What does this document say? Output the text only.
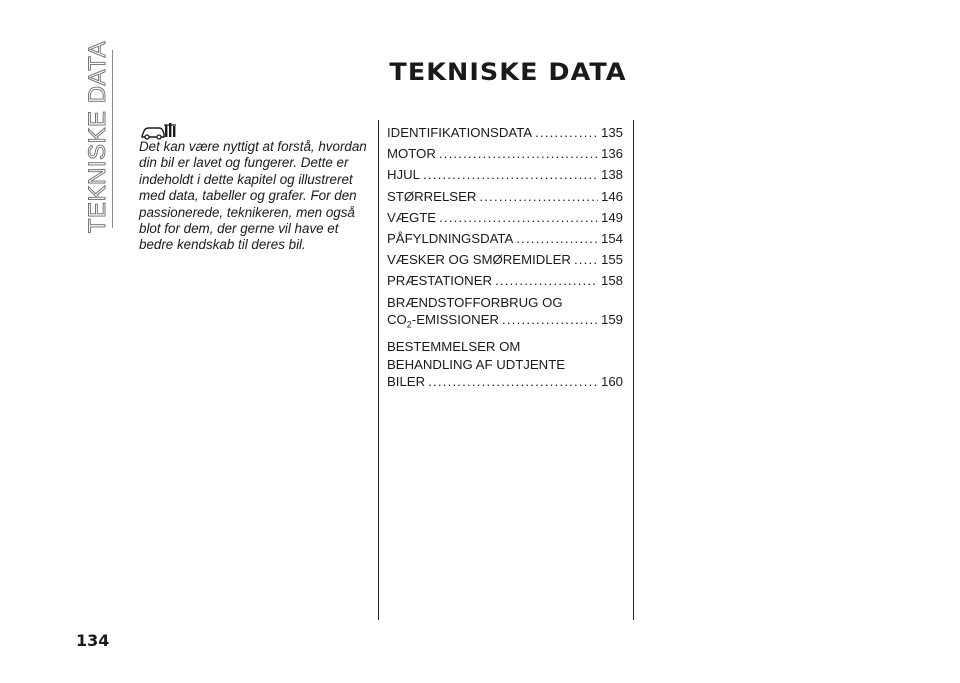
TEKNISKE DATA	TEKNISKE DATA
Det kan være nyttigt at forstå, hvordan din bil er lavet og fungerer. Dette er indeholdt i dette kapitel og illustreret med data, tabeller og grafer. For den passionerede, teknikeren, men også blot for dem, der gerne vil have et bedre kendskab til deres bil.
IDENTIFIKATIONSDATA .....	135
MOTOR .....	136
HJUL .....	138
STØRRELSER .....	146
VÆGTE .....	149
PÅFYLDNINGSDATA .....	154
VÆSKER OG SMØREMIDLER ..... 155
PRÆSTATIONER .....	158
BRÆNDSTOFFORBRUG OG
$CO_2$-EMISSIONER .....	159
BESTEMMELSER OM
BEHANDLING AF UDTJENTE
BILER .....	160
134
